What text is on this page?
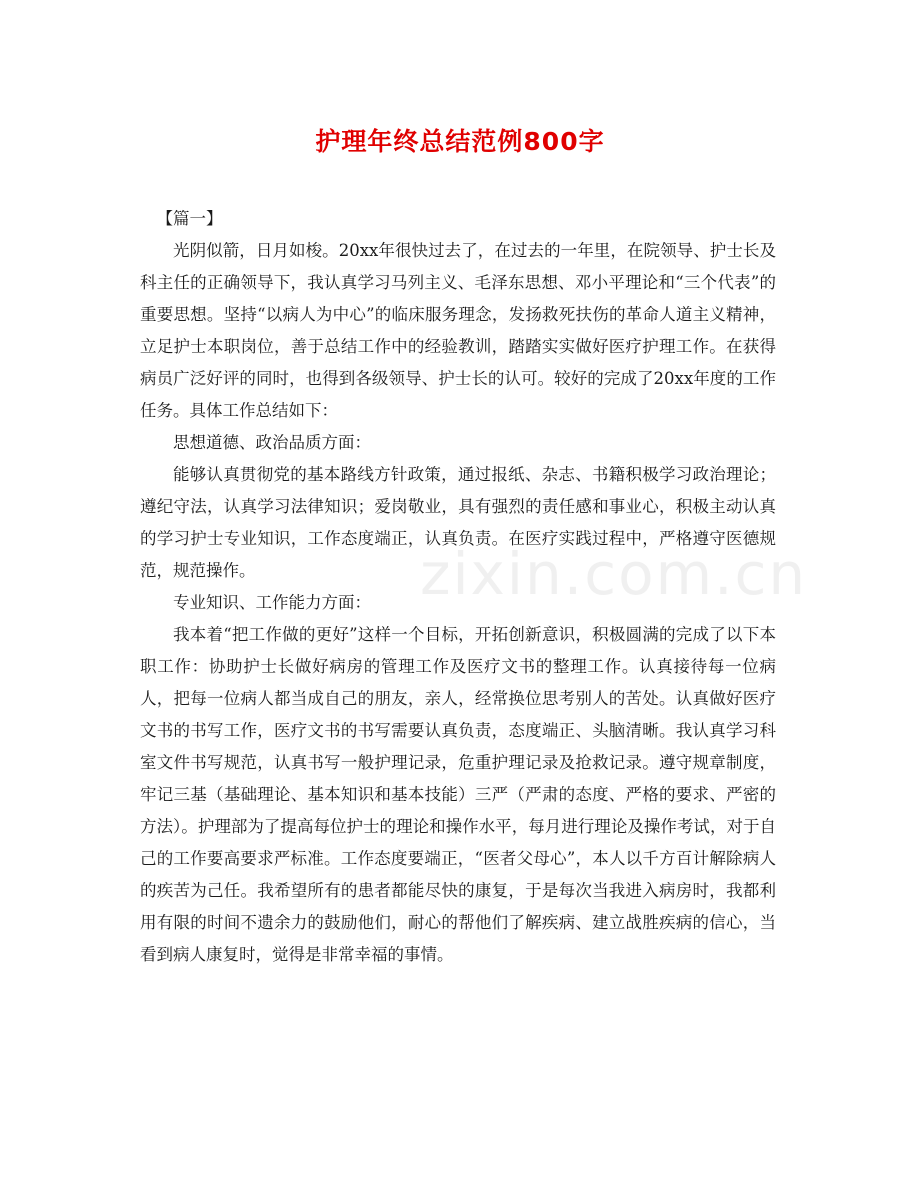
护理年终总结范例800字

【篇一】

光阴似箭，日月如梭。20xx年很快过去了，在过去的一年里，在院领导、护士长及科主任的正确领导下，我认真学习马列主义、毛泽东思想、邓小平理论和“三个代表”的重要思想。坚持“以病人为中心”的临床服务理念，发扬救死扶伤的革命人道主义精神，立足护士本职岗位，善于总结工作中的经验教训，踏踏实实做好医疗护理工作。在获得病员广泛好评的同时，也得到各级领导、护士长的认可。较好的完成了20xx年度的工作任务。具体工作总结如下：

思想道德、政治品质方面：

能够认真贯彻党的基本路线方针政策，通过报纸、杂志、书籍积极学习政治理论；遵纪守法，认真学习法律知识；爱岗敬业，具有强烈的责任感和事业心，积极主动认真的学习护士专业知识，工作态度端正，认真负责。在医疗实践过程中，严格遵守医德规范，规范操作。

专业知识、工作能力方面：

我本着“把工作做的更好”这样一个目标，开拓创新意识，积极圆满的完成了以下本职工作：协助护士长做好病房的管理工作及医疗文书的整理工作。认真接待每一位病人，把每一位病人都当成自己的朋友，亲人，经常换位思考别人的苦处。认真做好医疗文书的书写工作，医疗文书的书写需要认真负责，态度端正、头脑清晰。我认真学习科室文件书写规范，认真书写一般护理记录，危重护理记录及抢救记录。遵守规章制度，牢记三基（基础理论、基本知识和基本技能）三严（严肃的态度、严格的要求、严密的方法）。护理部为了提高每位护士的理论和操作水平，每月进行理论及操作考试，对于自己的工作要高要求严标准。工作态度要端正，“医者父母心”，本人以千方百计解除病人的疾苦为己任。我希望所有的患者都能尽快的康复，于是每次当我进入病房时，我都利用有限的时间不遗余力的鼓励他们，耐心的帮他们了解疾病、建立战胜疾病的信心，当看到病人康复时，觉得是非常幸福的事情。

zixin.com.cn
